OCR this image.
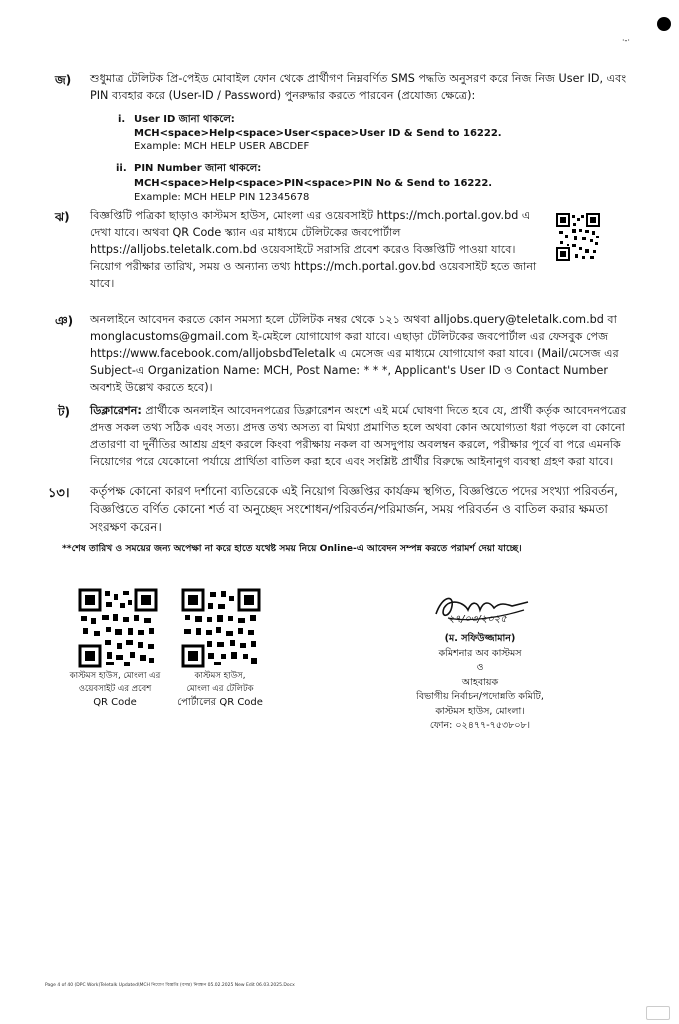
·-·
জ) শুধুমাত্র টেলিটক প্রি-পেইড মোবাইল ফোন থেকে প্রার্থীগণ নিম্নবর্ণিত SMS পদ্ধতি অনুসরণ করে নিজ নিজ User ID, এবং PIN ব্যবহার করে (User-ID / Password) পুনরুদ্ধার করতে পারবেন (প্রযোজ্য ক্ষেত্রে):
i. User ID জানা থাকলে:
MCH<space>Help<space>User<space>User ID & Send to 16222.
Example: MCH HELP USER ABCDEF
ii. PIN Number জানা থাকলে:
MCH<space>Help<space>PIN<space>PIN No & Send to 16222.
Example: MCH HELP PIN 12345678
ঝ) বিজ্ঞপ্তিটি পত্রিকা ছাড়াও কাস্টমস হাউস, মোংলা এর ওয়েবসাইট https://mch.portal.gov.bd এ দেখা যাবে। অথবা QR Code স্ক্যান এর মাধ্যমে টেলিটকের জবপোর্টাল https://alljobs.teletalk.com.bd ওয়েবসাইটে সরাসরি প্রবেশ করেও বিজ্ঞপ্তিটি পাওয়া যাবে। নিয়োগ পরীক্ষার তারিখ, সময় ও অন্যান্য তথ্য https://mch.portal.gov.bd ওয়েবসাইট হতে জানা যাবে।
ঞ) অনলাইনে আবেদন করতে কোন সমস্যা হলে টেলিটক নম্বর থেকে ১২১ অথবা alljobs.query@teletalk.com.bd বা monglacustoms@gmail.com ই-মেইলে যোগাযোগ করা যাবে। এছাড়া টেলিটকের জবপোর্টাল এর ফেসবুক পেজ https://www.facebook.com/alljobsbdTeletalk এ মেসেজ এর মাধ্যমে যোগাযোগ করা যাবে। (Mail/মেসেজ এর Subject-এ Organization Name: MCH, Post Name: * * *, Applicant's User ID ও Contact Number অবশ্যই উল্লেখ করতে হবে)।
ট) ডিক্লারেশন: প্রার্থীকে অনলাইন আবেদনপত্রের ডিক্লারেশন অংশে এই মর্মে ঘোষণা দিতে হবে যে, প্রার্থী কর্তৃক আবেদনপত্রের প্রদত্ত সকল তথ্য সঠিক এবং সত্য। প্রদত্ত তথ্য অসত্য বা মিথ্যা প্রমাণিত হলে অথবা কোন অযোগ্যতা ধরা পড়লে বা কোনো প্রতারণা বা দুর্নীতির আশ্রয় গ্রহণ করলে কিংবা পরীক্ষায় নকল বা অসদুপায় অবলম্বন করলে, পরীক্ষার পূর্বে বা পরে এমনকি নিয়োগের পরে যেকোনো পর্যায়ে প্রার্থিতা বাতিল করা হবে এবং সংশ্লিষ্ট প্রার্থীর বিরুদ্ধে আইনানুগ ব্যবস্থা গ্রহণ করা যাবে।
১৩। কর্তৃপক্ষ কোনো কারণ দর্শানো ব্যতিরেকে এই নিয়োগ বিজ্ঞপ্তির কার্যক্রম স্থগিত, বিজ্ঞপ্তিতে পদের সংখ্যা পরিবর্তন, বিজ্ঞপ্তিতে বর্ণিত কোনো শর্ত বা অনুচ্ছেদ সংশোধন/পরিবর্তন/পরিমার্জন, সময় পরিবর্তন ও বাতিল করার ক্ষমতা সংরক্ষণ করেন।
**শেষ তারিখ ও সময়ের জন্য অপেক্ষা না করে হাতে যথেষ্ট সময় নিয়ে Online-এ আবেদন সম্পন্ন করতে পরামর্শ দেয়া যাচ্ছে।
কাস্টমস হাউস, মোংলা এর
ওয়েবসাইট এর প্রবেশ
QR Code
কাস্টমস হাউস,
মোংলা এর টেলিটক
পোর্টালের QR Code
২৭/০৩/২০২৫
(ম. সফিউজ্জামান)
কমিশনার অব কাস্টমস
ও
আহবায়ক
বিভাগীয় নির্বাচন/পদোন্নতি কমিটি,
কাস্টমস হাউস, মোংলা।
ফোন: ০২৪৭৭-৭৫৩৮০৮।
Page 4 of 40 (DPC Work)Teletalk Updated\MCH নিয়োগ বিজ্ঞপ্তি (বসন্ত) নিবন্ধন 05.02.2025 New Edit 06.03.2025.Docx
